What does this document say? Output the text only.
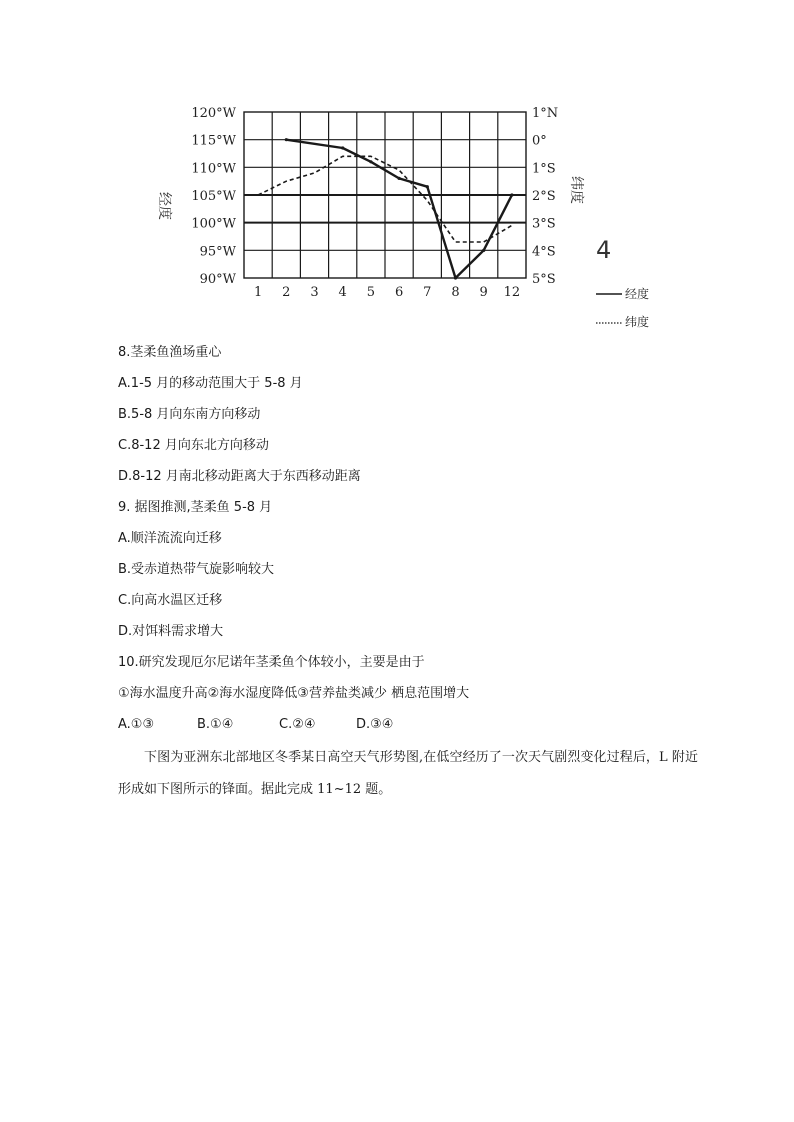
12
9
8
7
6
5
4
3
2
1
5°S
4°S
3°S
2°S
1°S
0°
1°N
90°W
95°W
100°W
105°W
110°W
115°W
120°W
经度
纬度
4
经度
纬度
8.茎柔鱼渔场重心
A.1-5 月的移动范围大于 5-8 月
B.5-8 月向东南方向移动
C.8-12 月向东北方向移动
D.8-12 月南北移动距离大于东西移动距离
9. 据图推测,茎柔鱼 5-8 月
A.顺洋流流向迁移
B.受赤道热带气旋影响较大
C.向高水温区迁移
D.对饵料需求增大
10.研究发现厄尔尼诺年茎柔鱼个体较小，主要是由于
①海水温度升高②海水湿度降低③营养盐类减少 栖息范围增大
A.①③	B.①④	C.②④	D.③④
下图为亚洲东北部地区冬季某日高空天气形势图,在低空经历了一次天气剧烈变化过程后，L 附近形成如下图所示的锋面。据此完成 11~12 题。
